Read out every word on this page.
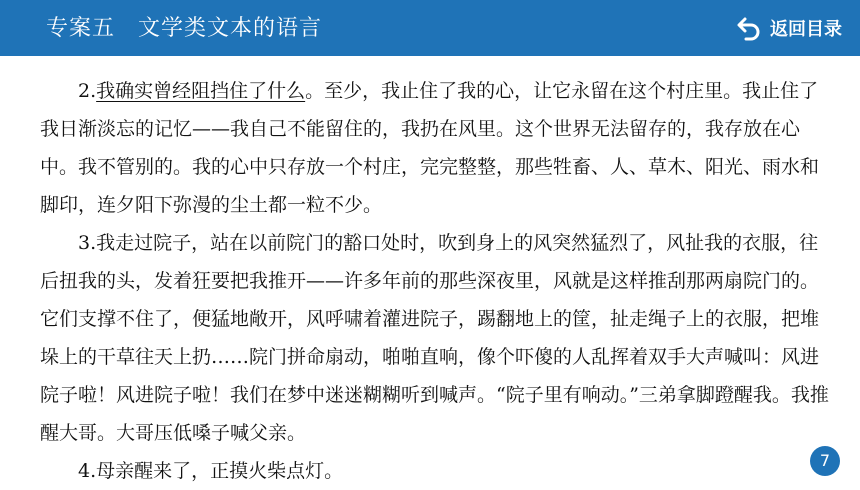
专案五　文学类文本的语言	返回目录

2.我确实曾经阻挡住了什么。至少，我止住了我的心，让它永留在这个村庄里。我止住了我日渐淡忘的记忆——我自己不能留住的，我扔在风里。这个世界无法留存的，我存放在心中。我不管别的。我的心中只存放一个村庄，完完整整，那些牲畜、人、草木、阳光、雨水和脚印，连夕阳下弥漫的尘土都一粒不少。

3.我走过院子，站在以前院门的豁口处时，吹到身上的风突然猛烈了，风扯我的衣服，往后扭我的头，发着狂要把我推开——许多年前的那些深夜里，风就是这样推刮那两扇院门的。它们支撑不住了，便猛地敞开，风呼啸着灌进院子，踢翻地上的筐，扯走绳子上的衣服，把堆垛上的干草往天上扔……院门拼命扇动，啪啪直响，像个吓傻的人乱挥着双手大声喊叫：风进院子啦！风进院子啦！我们在梦中迷迷糊糊听到喊声。“院子里有响动。”三弟拿脚蹬醒我。我推醒大哥。大哥压低嗓子喊父亲。

4.母亲醒来了，正摸火柴点灯。	7
